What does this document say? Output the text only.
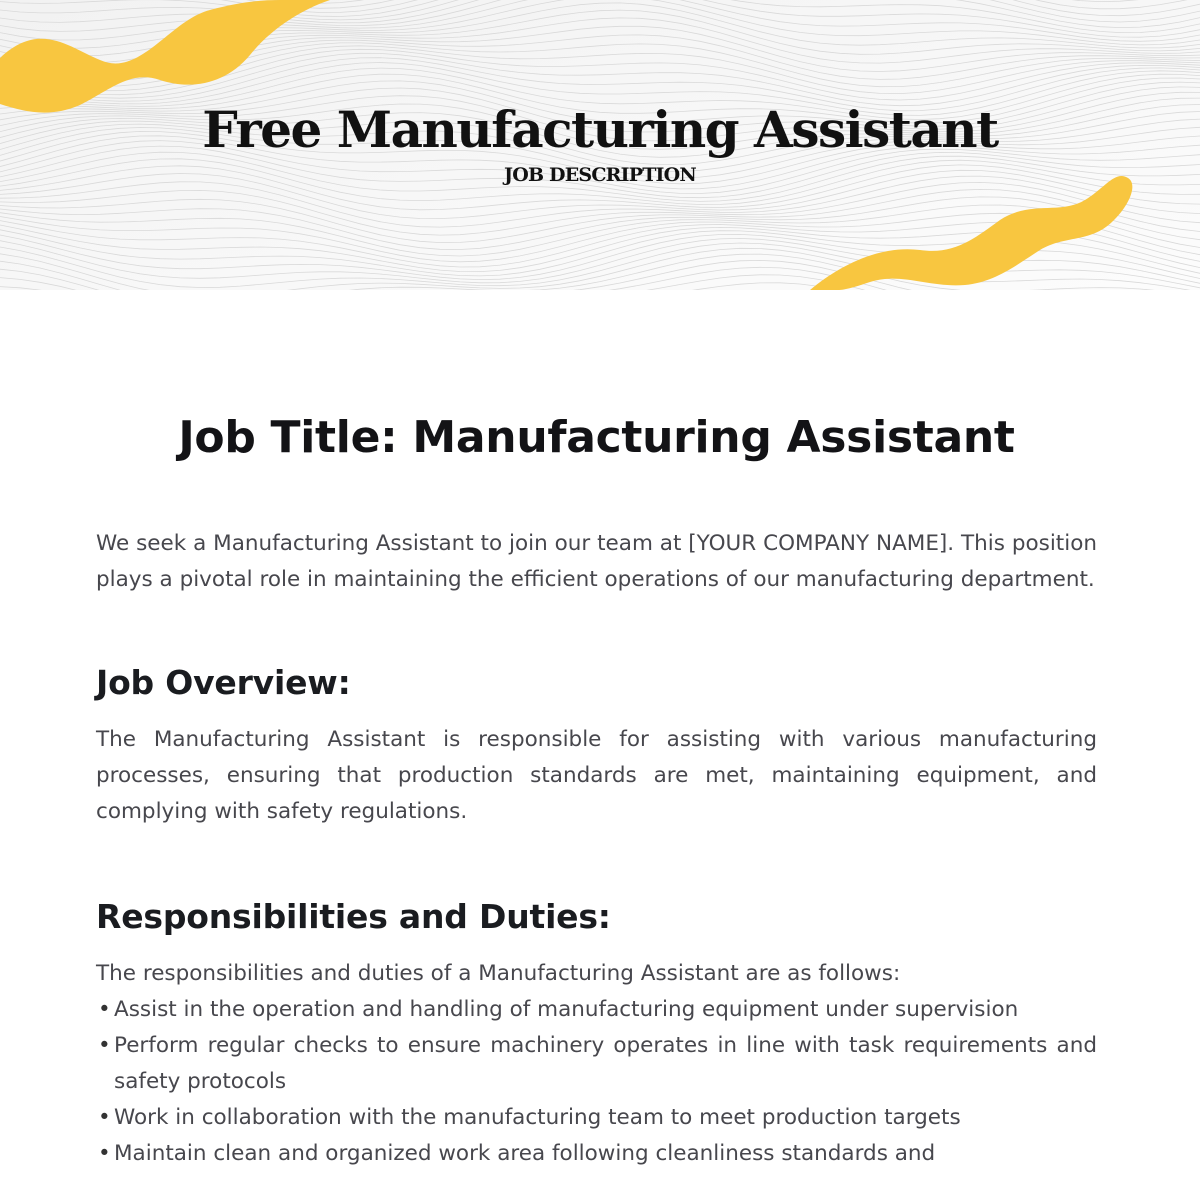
Free Manufacturing Assistant
JOB DESCRIPTION
Job Title: Manufacturing Assistant

We seek a Manufacturing Assistant to join our team at [YOUR COMPANY NAME]. This position plays a pivotal role in maintaining the efficient operations of our manufacturing department.

Job Overview:

The Manufacturing Assistant is responsible for assisting with various manufacturing processes, ensuring that production standards are met, maintaining equipment, and complying with safety regulations.

Responsibilities and Duties:

The responsibilities and duties of a Manufacturing Assistant are as follows:

• Assist in the operation and handling of manufacturing equipment under supervision
• Perform regular checks to ensure machinery operates in line with task requirements and safety protocols
• Work in collaboration with the manufacturing team to meet production targets
• Maintain clean and organized work area following cleanliness standards and
